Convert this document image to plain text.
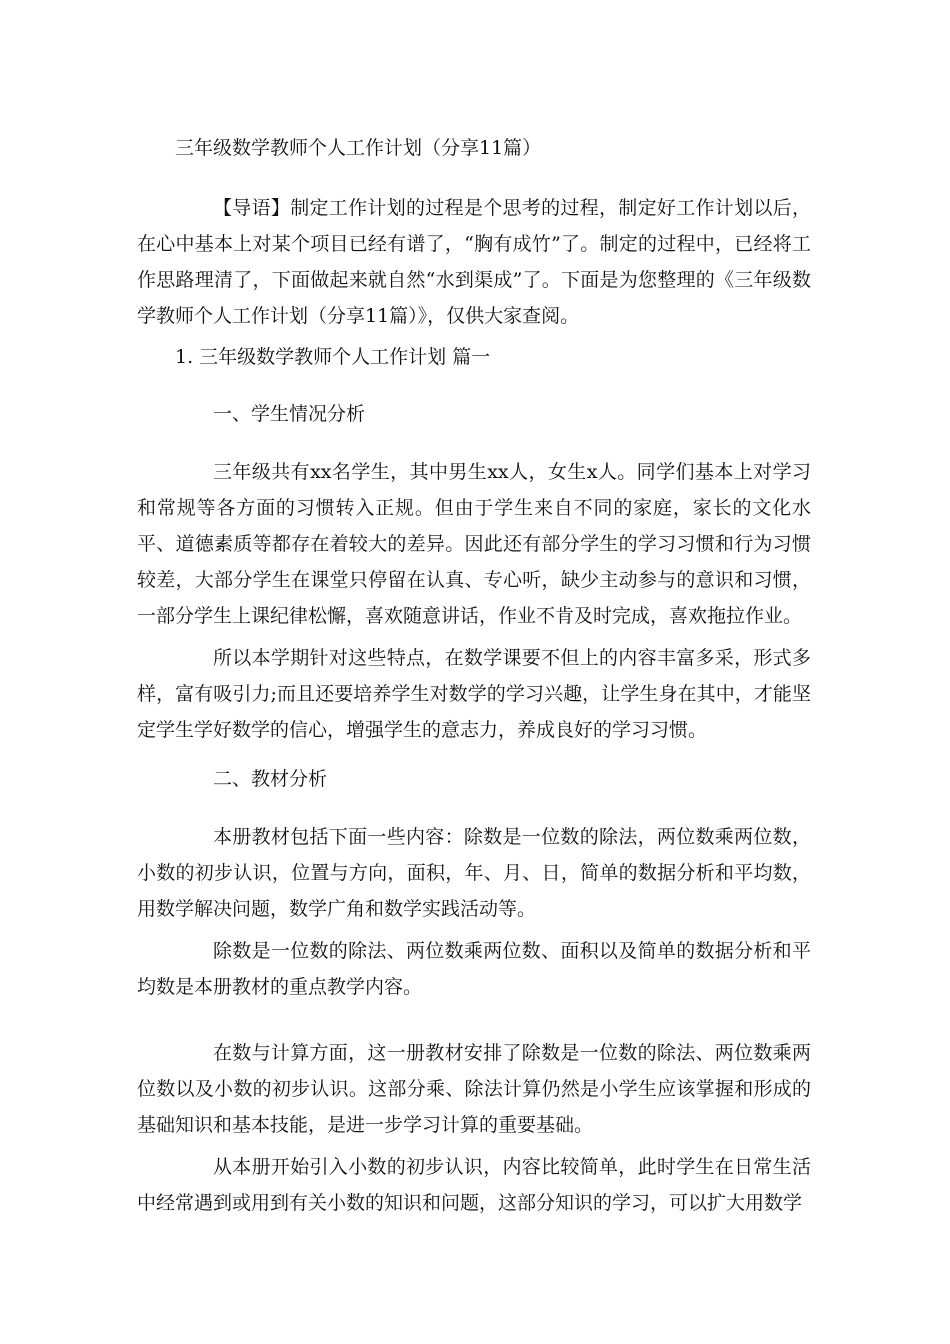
三年级数学教师个人工作计划（分享11篇）

【导语】制定工作计划的过程是个思考的过程，制定好工作计划以后，在心中基本上对某个项目已经有谱了，“胸有成竹”了。制定的过程中，已经将工作思路理清了，下面做起来就自然“水到渠成”了。下面是为您整理的《三年级数学教师个人工作计划（分享11篇）》，仅供大家查阅。

1. 三年级数学教师个人工作计划 篇一

一、学生情况分析

三年级共有xx名学生，其中男生xx人，女生x人。同学们基本上对学习和常规等各方面的习惯转入正规。但由于学生来自不同的家庭，家长的文化水平、道德素质等都存在着较大的差异。因此还有部分学生的学习习惯和行为习惯较差，大部分学生在课堂只停留在认真、专心听，缺少主动参与的意识和习惯，一部分学生上课纪律松懈，喜欢随意讲话，作业不肯及时完成，喜欢拖拉作业。

所以本学期针对这些特点，在数学课要不但上的内容丰富多采，形式多样，富有吸引力;而且还要培养学生对数学的学习兴趣，让学生身在其中，才能坚定学生学好数学的信心，增强学生的意志力，养成良好的学习习惯。

二、教材分析

本册教材包括下面一些内容：除数是一位数的除法，两位数乘两位数，小数的初步认识，位置与方向，面积，年、月、日，简单的数据分析和平均数，用数学解决问题，数学广角和数学实践活动等。

除数是一位数的除法、两位数乘两位数、面积以及简单的数据分析和平均数是本册教材的重点教学内容。

在数与计算方面，这一册教材安排了除数是一位数的除法、两位数乘两位数以及小数的初步认识。这部分乘、除法计算仍然是小学生应该掌握和形成的基础知识和基本技能，是进一步学习计算的重要基础。

从本册开始引入小数的初步认识，内容比较简单，此时学生在日常生活中经常遇到或用到有关小数的知识和问题，这部分知识的学习，可以扩大用数学
